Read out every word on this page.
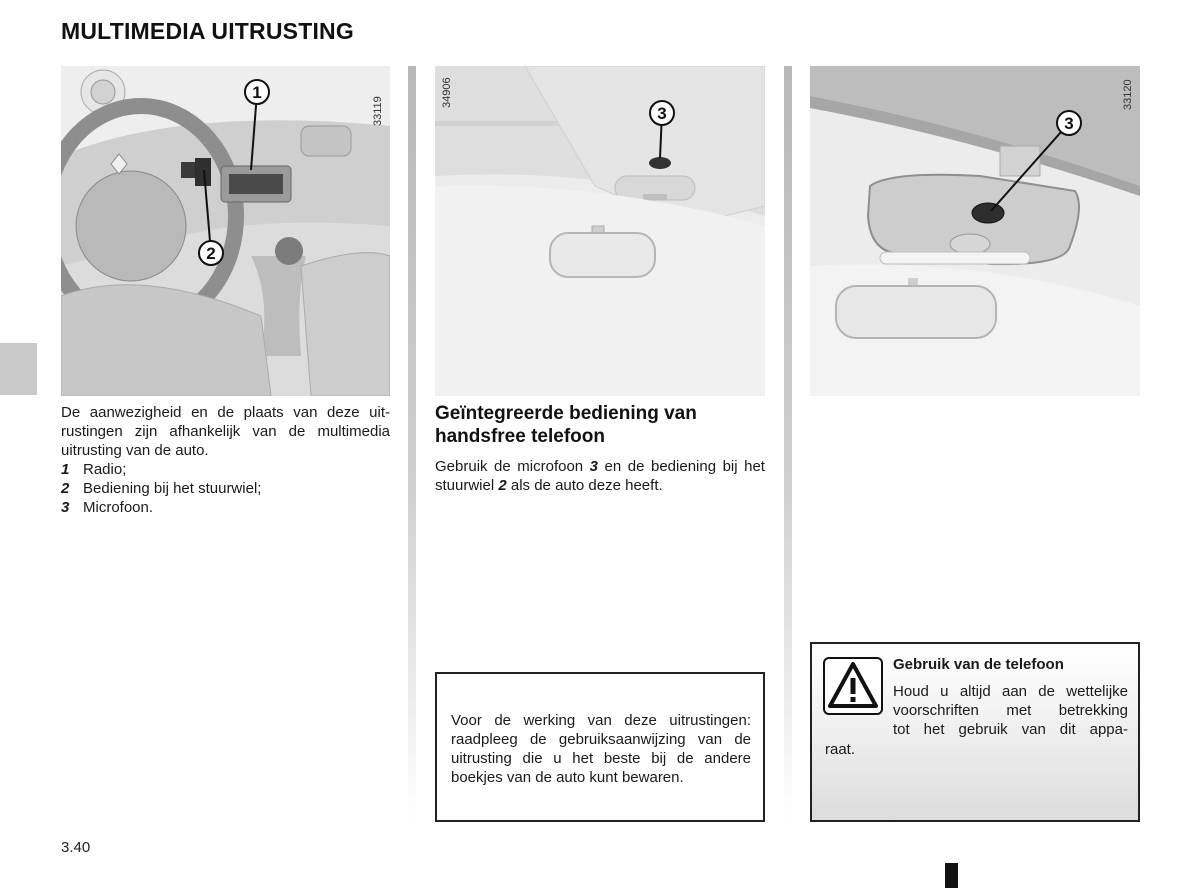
MULTIMEDIA UITRUSTING
1
2
33119
De aanwezigheid en de plaats van deze uit-rustingen zijn afhankelijk van de multimedia uitrusting van de auto.
1 Radio;
2 Bediening bij het stuurwiel;
3 Microfoon.
3
34906
Geïntegreerde bediening van handsfree telefoon
Gebruik de microfoon 3 en de bediening bij het stuurwiel 2 als de auto deze heeft.
Voor de werking van deze uitrustingen: raadpleeg de gebruiksaanwijzing van de uitrusting die u het beste bij de andere boekjes van de auto kunt bewaren.
3
33120
Gebruik van de telefoon
Houd u altijd aan de wettelijke
voorschriften met betrekking
tot het gebruik van dit appa-
raat.
3.40
